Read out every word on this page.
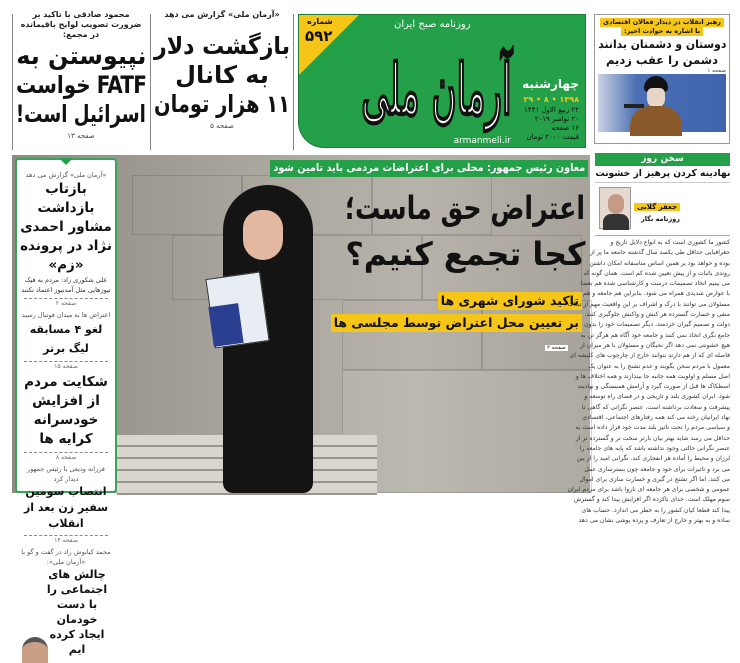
محمود صادقی با تاکید بر ضرورت تصویب لوایح باقیمانده در مجمع:
نپیوستن به
FATF خواست
اسرائیل است!
صفحه ۱۳
«آرمان ملی» گزارش می دهد
بازگشت دلار
به کانال
۱۱ هزار تومان
صفحه ۵
شماره
۵۹۲
روزنامه صبح ایران
آرمان ملی چهارشنبه
۱۳۹۸ • ۸ • ۲۹
۲۲ ربیع الاول ۱۴۴۱
۲۰ نوامبر ۲۰۱۹
۱۶ صفحه
قیمت ۲۰۰۰ تومان
armanmeli.ir
رهبر انقلاب در دیدار فعالان اقتصادی
با اشاره به حوادث اخیر:
دوستان و دشمنان بدانند
دشمن را عقب زدیم
صفحه ۱
معاون رئیس جمهور: محلی برای اعتراضات مردمی باید تامین شود
اعتراض حق ماست؛
کجا تجمع کنیم؟
تاکید شورای شهری ها
بر تعیین محل اعتراض توسط مجلسی ها
صفحه ۲
«آرمان ملی» گزارش می دهد
بازتاب بازداشت مشاور احمدی نژاد در پرونده «زم»
علی شکوری راد: مردم به فیک نیوزهایی مثل آمدنیوز اعتماد نکنند
صفحه ۲
اعتراض ها به میدان فوتبال رسید
لغو ۴ مسابقه لیگ برتر
صفحه ۱۵
شکایت مردم از افزایش خودسرانه کرایه ها
صفحه ۸
فرزانه ودیعی با رئیس جمهور دیدار کرد
انتصاب سومین سفیر زن بعد از انقلاب
صفحه ۱۴
محمد کیانوش راد در گفت و گو با «آرمان ملی»:
چالش های اجتماعی را با دست خودمان ایجاد کرده ایم
سخن روز
نهادینه کردن پرهیز از خشونت
جعفر گلابی
روزنامه نگار
کشور ما کشوری است که به انواع دلایل تاریخ و
جغرافیایی حداقل طی یکصد سال گذشته جامعه ما پر از
بوده و خواهد بود بر همین اساس متاسفانه امکان داشتن
روندی باثبات و از پیش تعیین شده کم است. همان گونه که
می بینیم اتخاذ تصمیمات درست و کارشناسی شده هم بعضا
با عوارض شدیدی همراه می شود. بنابراین هم جامعه و هم
مسئولان می توانند با درک و اشراف بر این واقعیت مهم از تبعات
منفی و خسارت گسترده هر کنش و واکنش جلوگیری کنند.
دولت و تصمیم گیران خردمند، دیگر تصمیمات خود را بدون
جامع نگری اتخاذ نمی کنند و جامعه خود آگاه هم هرگز تن به
هیچ خشونتی نمی دهد اگر نخبگان و مسئولان با هر میزان از
فاصله ای که از هم دارند بتوانند خارج از چارچوب های کلیشه ای
معمول با مردم سخن بگویند و عدم تشنج را به عنوان یک
اصل مسلم و اولویت همه جانبه جا بیندازند و همه اختلاف ها و
اسطکاک ها قبل از صورت گیرد و آرامش همبستگی و نهادینه
شود. ایران کشوری بلند و تاریخی و در فضای راه توسعه و
پیشرفت و سعادت برداشته است. عنصر نگرانی که گاهی تا
نهاد ایرانیان رخنه می کند همه رفتارهای اجتماعی، اقتصادی
و سیاسی مردم را تحت تاثیر بلند مدت خود قرار داده است به
حداقل می رسد شاید بهتر بیان بارتر سخت تر و گسترده تر از
عنصر نگرانی حالتی وجود نداشته باشد که پایه های جامعه را
لرزان و محیط را آماده هر انفجاری کند. نگرانی امید را از بین
می برد و تاثیرات برای خود و جامعه چون بسترسازی عمل
می کنند. اما اگر تشنج در گیری و خسارت سازی برای اموال
عمومی و شخصی برای هر جامعه ای ناروا باشد برای مردم ایران
سوم مهلک است. خدای ناکرده اگر افزایش پیدا کند و گسترش
پیدا کند قطعا کیان کشور را به خطر می اندازد. حساب های
ساده و به بهتر و خارج از تعارف و پرده پوشی نشان می دهد
